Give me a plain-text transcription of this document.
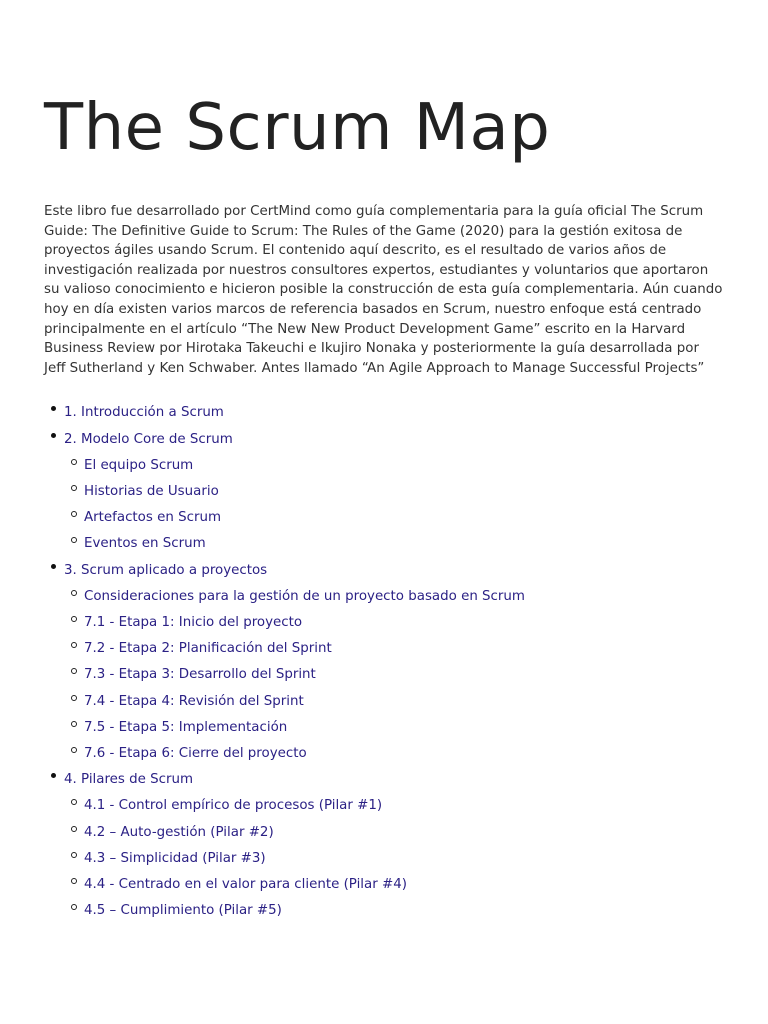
The Scrum Map

Este libro fue desarrollado por CertMind como guía complementaria para la guía oficial The Scrum Guide: The Definitive Guide to Scrum: The Rules of the Game (2020) para la gestión exitosa de proyectos ágiles usando Scrum. El contenido aquí descrito, es el resultado de varios años de investigación realizada por nuestros consultores expertos, estudiantes y voluntarios que aportaron su valioso conocimiento e hicieron posible la construcción de esta guía complementaria. Aún cuando hoy en día existen varios marcos de referencia basados en Scrum, nuestro enfoque está centrado principalmente en el artículo “The New New Product Development Game” escrito en la Harvard Business Review por Hirotaka Takeuchi e Ikujiro Nonaka y posteriormente la guía desarrollada por Jeff Sutherland y Ken Schwaber. Antes llamado “An Agile Approach to Manage Successful Projects”

1. Introducción a Scrum
2. Modelo Core de Scrum
El equipo Scrum
Historias de Usuario
Artefactos en Scrum
Eventos en Scrum
3. Scrum aplicado a proyectos
Consideraciones para la gestión de un proyecto basado en Scrum
7.1 - Etapa 1: Inicio del proyecto
7.2 - Etapa 2: Planificación del Sprint
7.3 - Etapa 3: Desarrollo del Sprint
7.4 - Etapa 4: Revisión del Sprint
7.5 - Etapa 5: Implementación
7.6 - Etapa 6: Cierre del proyecto
4. Pilares de Scrum
4.1 - Control empírico de procesos (Pilar #1)
4.2 – Auto-gestión (Pilar #2)
4.3 – Simplicidad (Pilar #3)
4.4 - Centrado en el valor para cliente (Pilar #4)
4.5 – Cumplimiento (Pilar #5)
